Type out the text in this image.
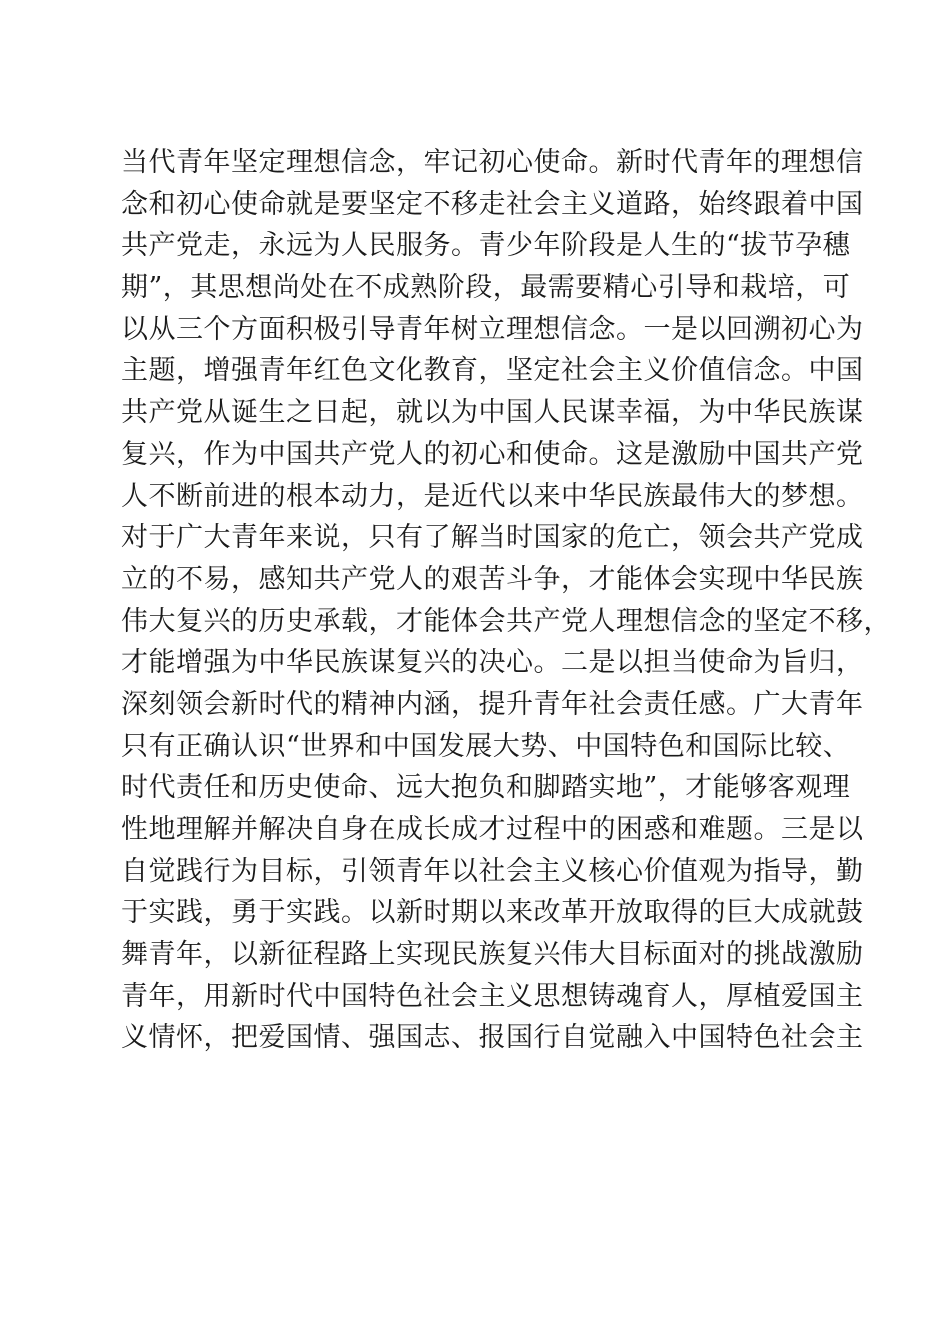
当代青年坚定理想信念，牢记初心使命。新时代青年的理想信
念和初心使命就是要坚定不移走社会主义道路，始终跟着中国
共产党走，永远为人民服务。青少年阶段是人生的“拔节孕穗
期”，其思想尚处在不成熟阶段，最需要精心引导和栽培，可
以从三个方面积极引导青年树立理想信念。一是以回溯初心为
主题，增强青年红色文化教育，坚定社会主义价值信念。中国
共产党从诞生之日起，就以为中国人民谋幸福，为中华民族谋
复兴，作为中国共产党人的初心和使命。这是激励中国共产党
人不断前进的根本动力，是近代以来中华民族最伟大的梦想。
对于广大青年来说，只有了解当时国家的危亡，领会共产党成
立的不易，感知共产党人的艰苦斗争，才能体会实现中华民族
伟大复兴的历史承载，才能体会共产党人理想信念的坚定不移，
才能增强为中华民族谋复兴的决心。二是以担当使命为旨归，
深刻领会新时代的精神内涵，提升青年社会责任感。广大青年
只有正确认识“世界和中国发展大势、中国特色和国际比较、
时代责任和历史使命、远大抱负和脚踏实地”，才能够客观理
性地理解并解决自身在成长成才过程中的困惑和难题。三是以
自觉践行为目标，引领青年以社会主义核心价值观为指导，勤
于实践，勇于实践。以新时期以来改革开放取得的巨大成就鼓
舞青年，以新征程路上实现民族复兴伟大目标面对的挑战激励
青年，用新时代中国特色社会主义思想铸魂育人，厚植爱国主
义情怀，把爱国情、强国志、报国行自觉融入中国特色社会主
